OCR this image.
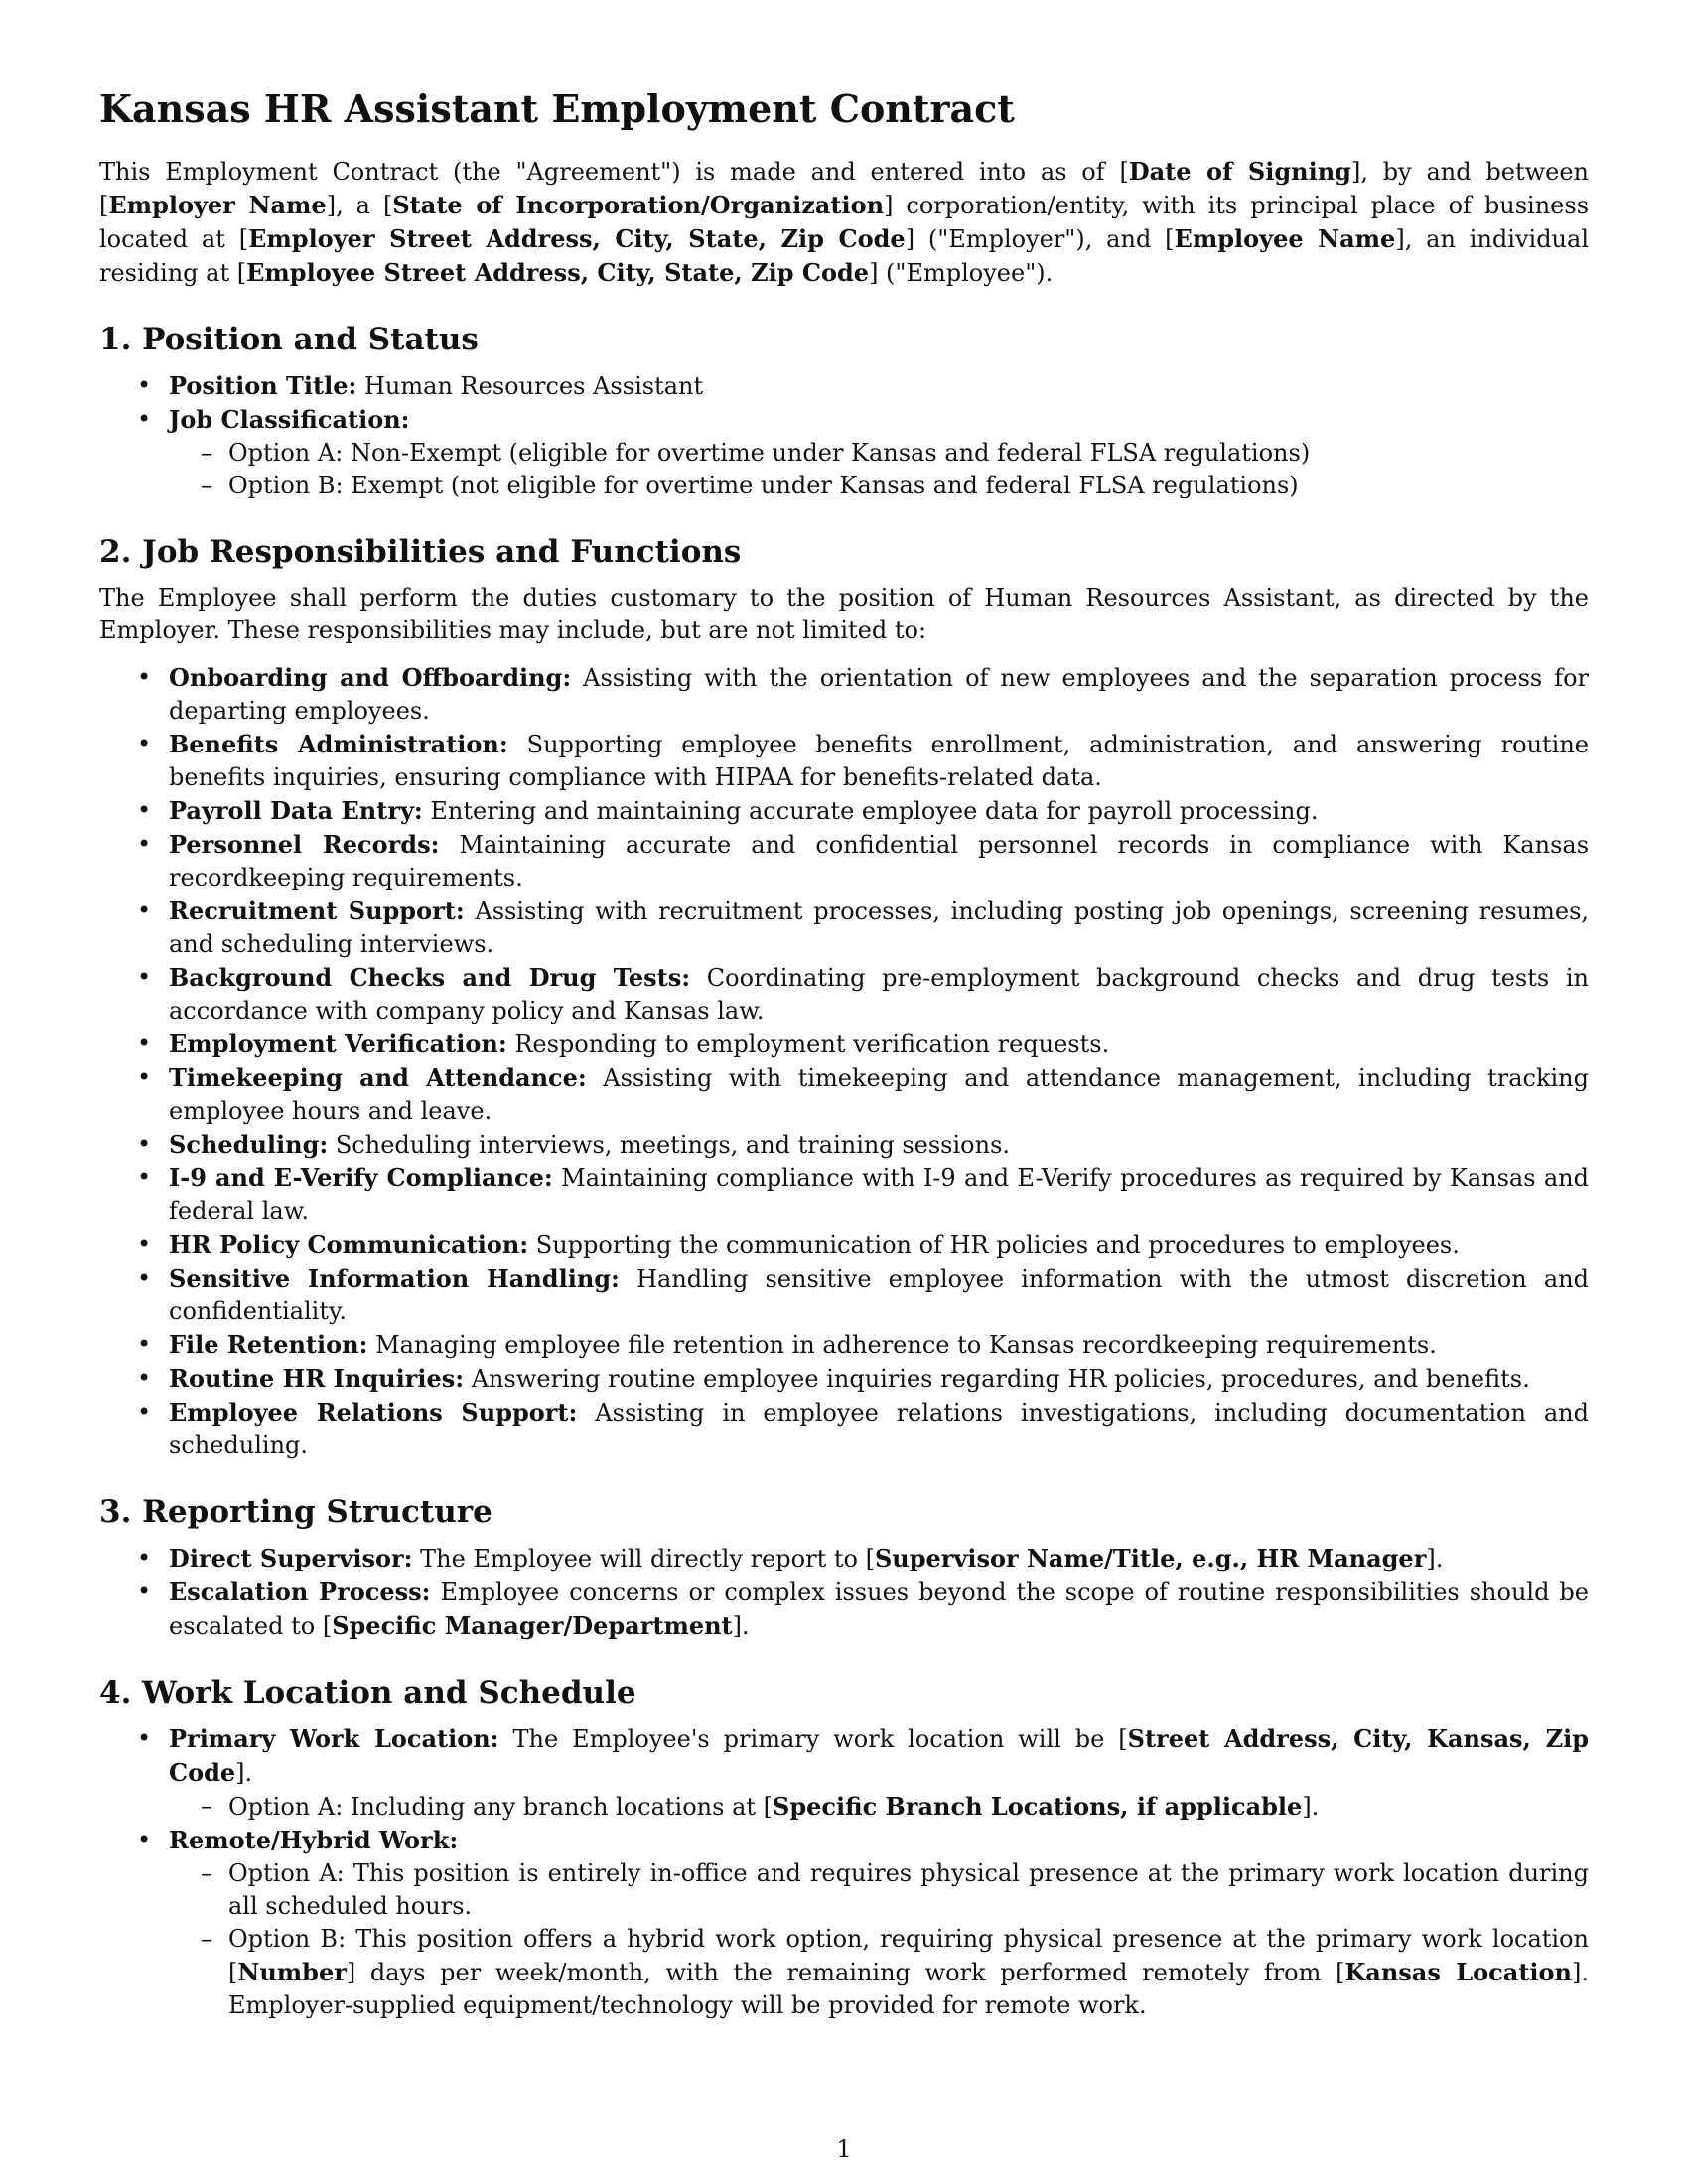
Kansas HR Assistant Employment Contract

This Employment Contract (the "Agreement") is made and entered into as of [Date of Signing], by and between [Employer Name], a [State of Incorporation/Organization] corporation/entity, with its principal place of business located at [Employer Street Address, City, State, Zip Code] ("Employer"), and [Employee Name], an individual residing at [Employee Street Address, City, State, Zip Code] ("Employee").

1. Position and Status
• Position Title: Human Resources Assistant
• Job Classification:
– Option A: Non-Exempt (eligible for overtime under Kansas and federal FLSA regulations)
– Option B: Exempt (not eligible for overtime under Kansas and federal FLSA regulations)
2. Job Responsibilities and Functions

The Employee shall perform the duties customary to the position of Human Resources Assistant, as directed by the Employer. These responsibilities may include, but are not limited to:

• Onboarding and Offboarding: Assisting with the orientation of new employees and the separation process for departing employees.
• Benefits Administration: Supporting employee benefits enrollment, administration, and answering routine benefits inquiries, ensuring compliance with HIPAA for benefits-related data.
• Payroll Data Entry: Entering and maintaining accurate employee data for payroll processing.
• Personnel Records: Maintaining accurate and confidential personnel records in compliance with Kansas recordkeeping requirements.
• Recruitment Support: Assisting with recruitment processes, including posting job openings, screening resumes, and scheduling interviews.
• Background Checks and Drug Tests: Coordinating pre-employment background checks and drug tests in accordance with company policy and Kansas law.
• Employment Verification: Responding to employment verification requests.
• Timekeeping and Attendance: Assisting with timekeeping and attendance management, including tracking employee hours and leave.
• Scheduling: Scheduling interviews, meetings, and training sessions.
• I-9 and E-Verify Compliance: Maintaining compliance with I-9 and E-Verify procedures as required by Kansas and federal law.
• HR Policy Communication: Supporting the communication of HR policies and procedures to employees.
• Sensitive Information Handling: Handling sensitive employee information with the utmost discretion and confidentiality.
• File Retention: Managing employee file retention in adherence to Kansas recordkeeping requirements.
• Routine HR Inquiries: Answering routine employee inquiries regarding HR policies, procedures, and benefits.
• Employee Relations Support: Assisting in employee relations investigations, including documentation and scheduling.
3. Reporting Structure
• Direct Supervisor: The Employee will directly report to [Supervisor Name/Title, e.g., HR Manager].
• Escalation Process: Employee concerns or complex issues beyond the scope of routine responsibilities should be escalated to [Specific Manager/Department].
4. Work Location and Schedule
• Primary Work Location: The Employee's primary work location will be [Street Address, City, Kansas, Zip Code].
– Option A: Including any branch locations at [Specific Branch Locations, if applicable].
• Remote/Hybrid Work:
– Option A: This position is entirely in-office and requires physical presence at the primary work location during all scheduled hours.
– Option B: This position offers a hybrid work option, requiring physical presence at the primary work location [Number] days per week/month, with the remaining work performed remotely from [Kansas Location]. Employer-supplied equipment/technology will be provided for remote work.
1
